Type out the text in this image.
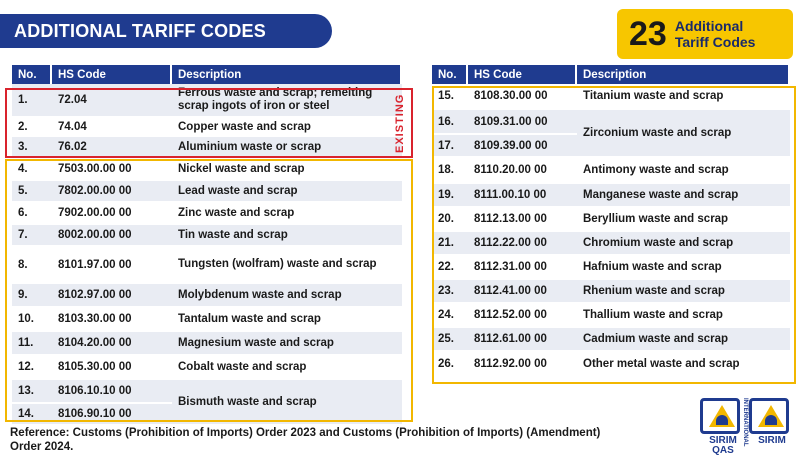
ADDITIONAL TARIFF CODES	23 Additional
Tariff Codes
No.	HS Code	Description
1.	72.04	Ferrous waste and scrap; remelting scrap ingots of iron or steel
2.	74.04	Copper waste and scrap
3.	76.02	Aluminium waste or scrap
4.	7503.00.00 00	Nickel waste and scrap
5.	7802.00.00 00	Lead waste and scrap
6.	7902.00.00 00	Zinc waste and scrap
7.	8002.00.00 00	Tin waste and scrap
8.	8101.97.00 00	Tungsten (wolfram) waste and scrap
9.	8102.97.00 00	Molybdenum waste and scrap
10.	8103.30.00 00	Tantalum waste and scrap
11.	8104.20.00 00	Magnesium waste and scrap
12.	8105.30.00 00	Cobalt waste and scrap
13.	8106.10.10 00	Bismuth waste and scrap
14.	8106.90.10 00	
EXISTING
No.	HS Code	Description
15.	8108.30.00 00	Titanium waste and scrap
16.	8109.31.00 00	Zirconium waste and scrap
17.	8109.39.00 00	
18.	8110.20.00 00	Antimony waste and scrap
19.	8111.00.10 00	Manganese waste and scrap
20.	8112.13.00 00	Beryllium waste and scrap
21.	8112.22.00 00	Chromium waste and scrap
22.	8112.31.00 00	Hafnium waste and scrap
23.	8112.41.00 00	Rhenium waste and scrap
24.	8112.52.00 00	Thallium waste and scrap
25.	8112.61.00 00	Cadmium waste and scrap
26.	8112.92.00 00	Other metal waste and scrap
Reference: Customs (Prohibition of Imports) Order 2023 and Customs (Prohibition of Imports) (Amendment) Order 2024.
SIRIM QAS
INTERNATIONAL	SIRIM
